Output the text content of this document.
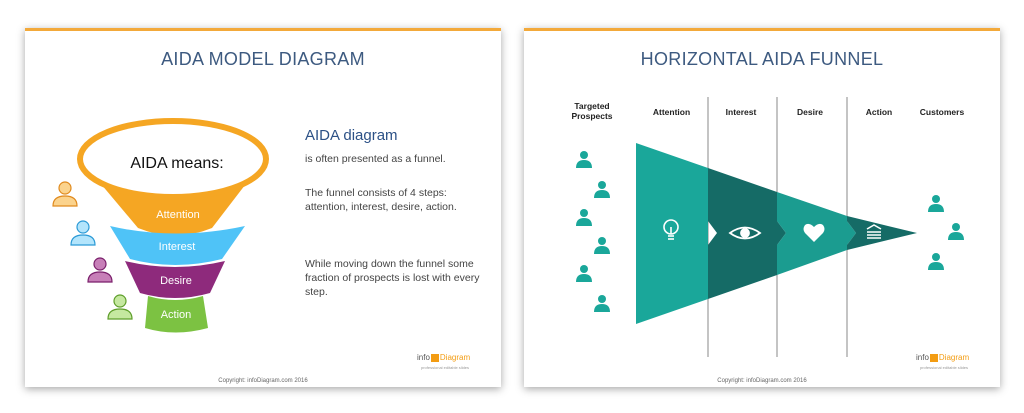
AIDA MODEL DIAGRAM
Attention
Interest
Desire
Action
AIDA means:
AIDA diagram
is often presented as a funnel.
The funnel consists of 4 steps: attention, interest, desire, action.
While moving down the funnel some fraction of prospects is lost with every step.
info Diagram
professional editable slides
Copyright: infoDiagram.com 2016
HORIZONTAL AIDA FUNNEL
Targeted Prospects	Attention	Interest	Desire	Action	Customers
info Diagram
professional editable slides
Copyright: infoDiagram.com 2016
